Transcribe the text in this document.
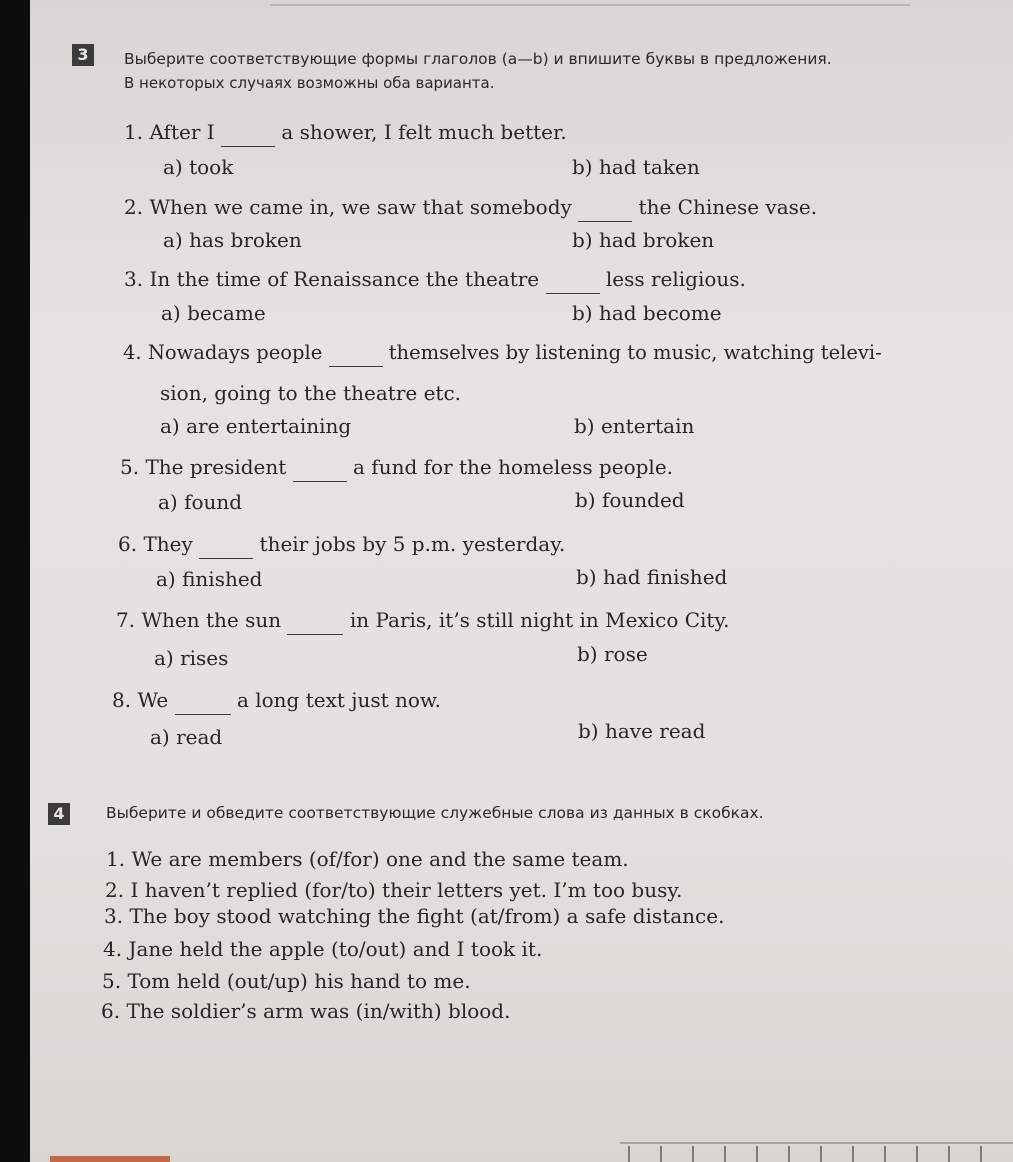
3	Выберите соответствующие формы глаголов (a—b) и впишите буквы в предложения.
В некоторых случаях возможны оба варианта.
1. After I	a shower, I felt much better.
a) took	b) had taken
2. When we came in, we saw that somebody	the Chinese vase.
a) has broken	b) had broken
3. In the time of Renaissance the theatre	less religious.
a) became	b) had become
4. Nowadays people	themselves by listening to music, watching televi-
sion, going to the theatre etc.
a) are entertaining	b) entertain
5. The president	a fund for the homeless people.
a) found	b) founded
6. They	their jobs by 5 p.m. yesterday.
a) finished	b) had finished
7. When the sun	in Paris, it’s still night in Mexico City.
a) rises	b) rose
8. We	a long text just now.
a) read	b) have read
4	Выберите и обведите соответствующие служебные слова из данных в скобках.
1. We are members (of/for) one and the same team.
2. I haven’t replied (for/to) their letters yet. I’m too busy.
3. The boy stood watching the fight (at/from) a safe distance.
4. Jane held the apple (to/out) and I took it.
5. Tom held (out/up) his hand to me.
6. The soldier’s arm was (in/with) blood.
